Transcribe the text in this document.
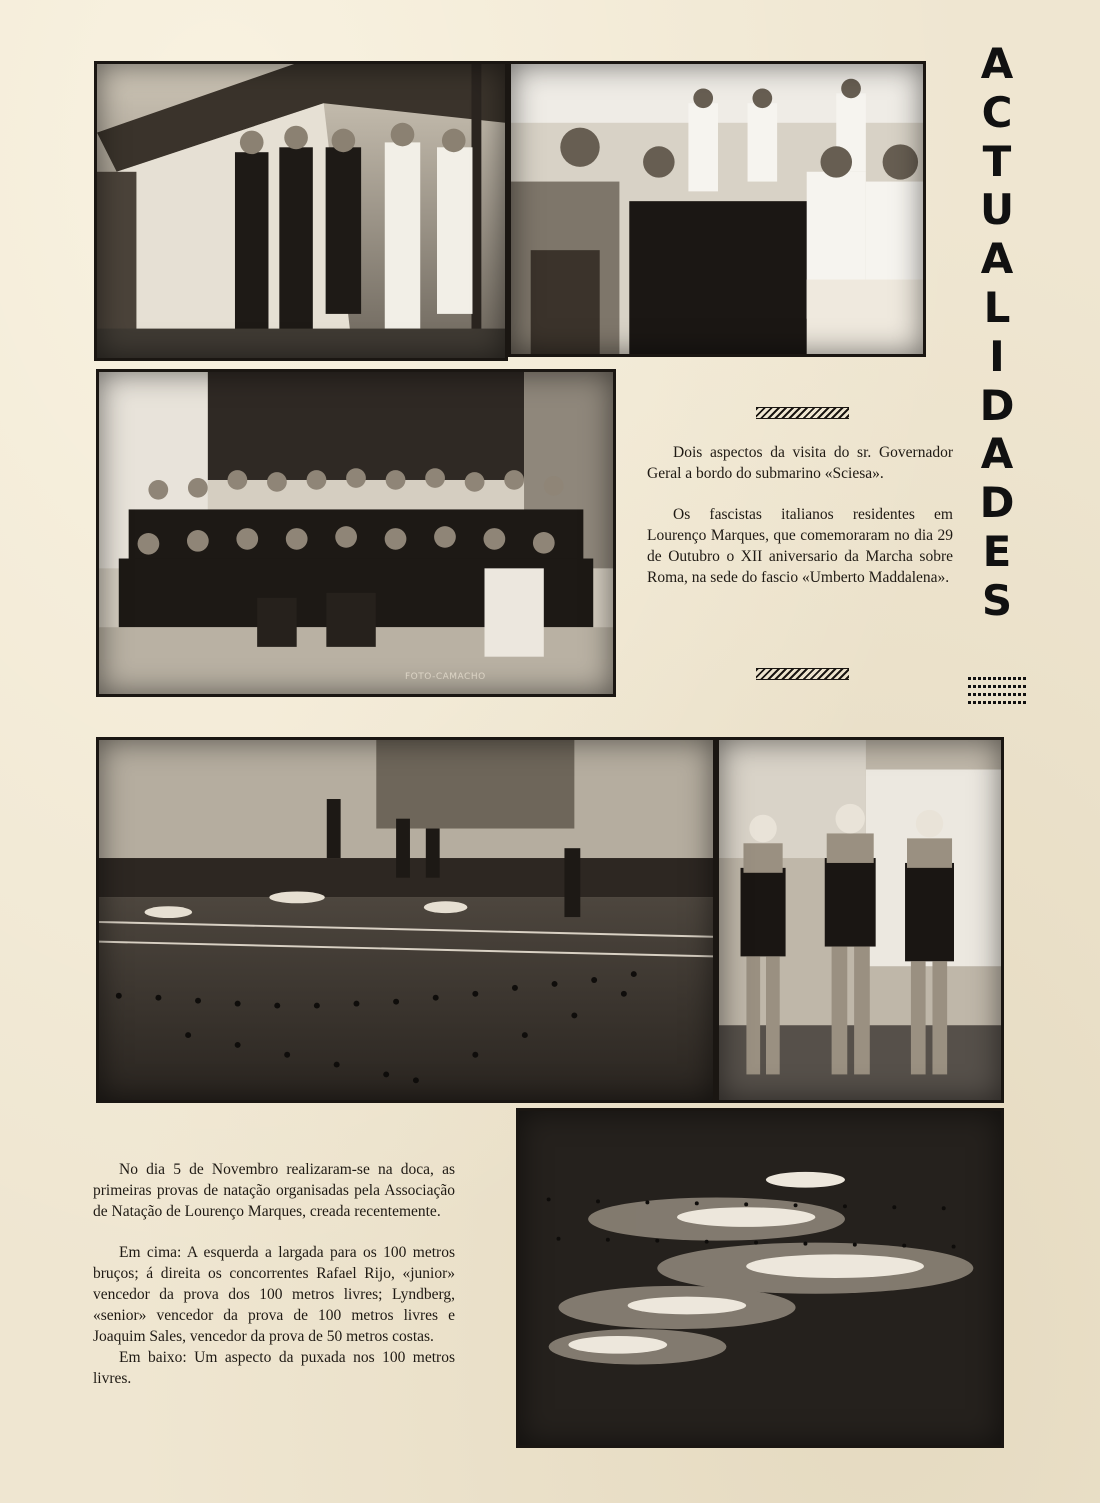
A
C
T
U
A
L
I
D
A
D
E
S
FOTO-CAMACHO

Dois aspectos da visita do sr. Governador Geral a bordo do submarino «Sciesa».

Os fascistas italianos residentes em Lourenço Marques, que comemoraram no dia 29 de Outubro o XII aniversario da Marcha sobre Roma, na sede do fascio «Umberto Maddalena».

No dia 5 de Novembro realizaram-se na doca, as primeiras provas de natação organisadas pela Associação de Natação de Lourenço Marques, creada recentemente.

Em cima: A esquerda a largada para os 100 metros bruços; á direita os concorrentes Rafael Rijo, «junior» vencedor da prova dos 100 metros livres; Lyndberg, «senior» vencedor da prova de 100 metros livres e Joaquim Sales, vencedor da prova de 50 metros costas.

Em baixo: Um aspecto da puxada nos 100 metros livres.
